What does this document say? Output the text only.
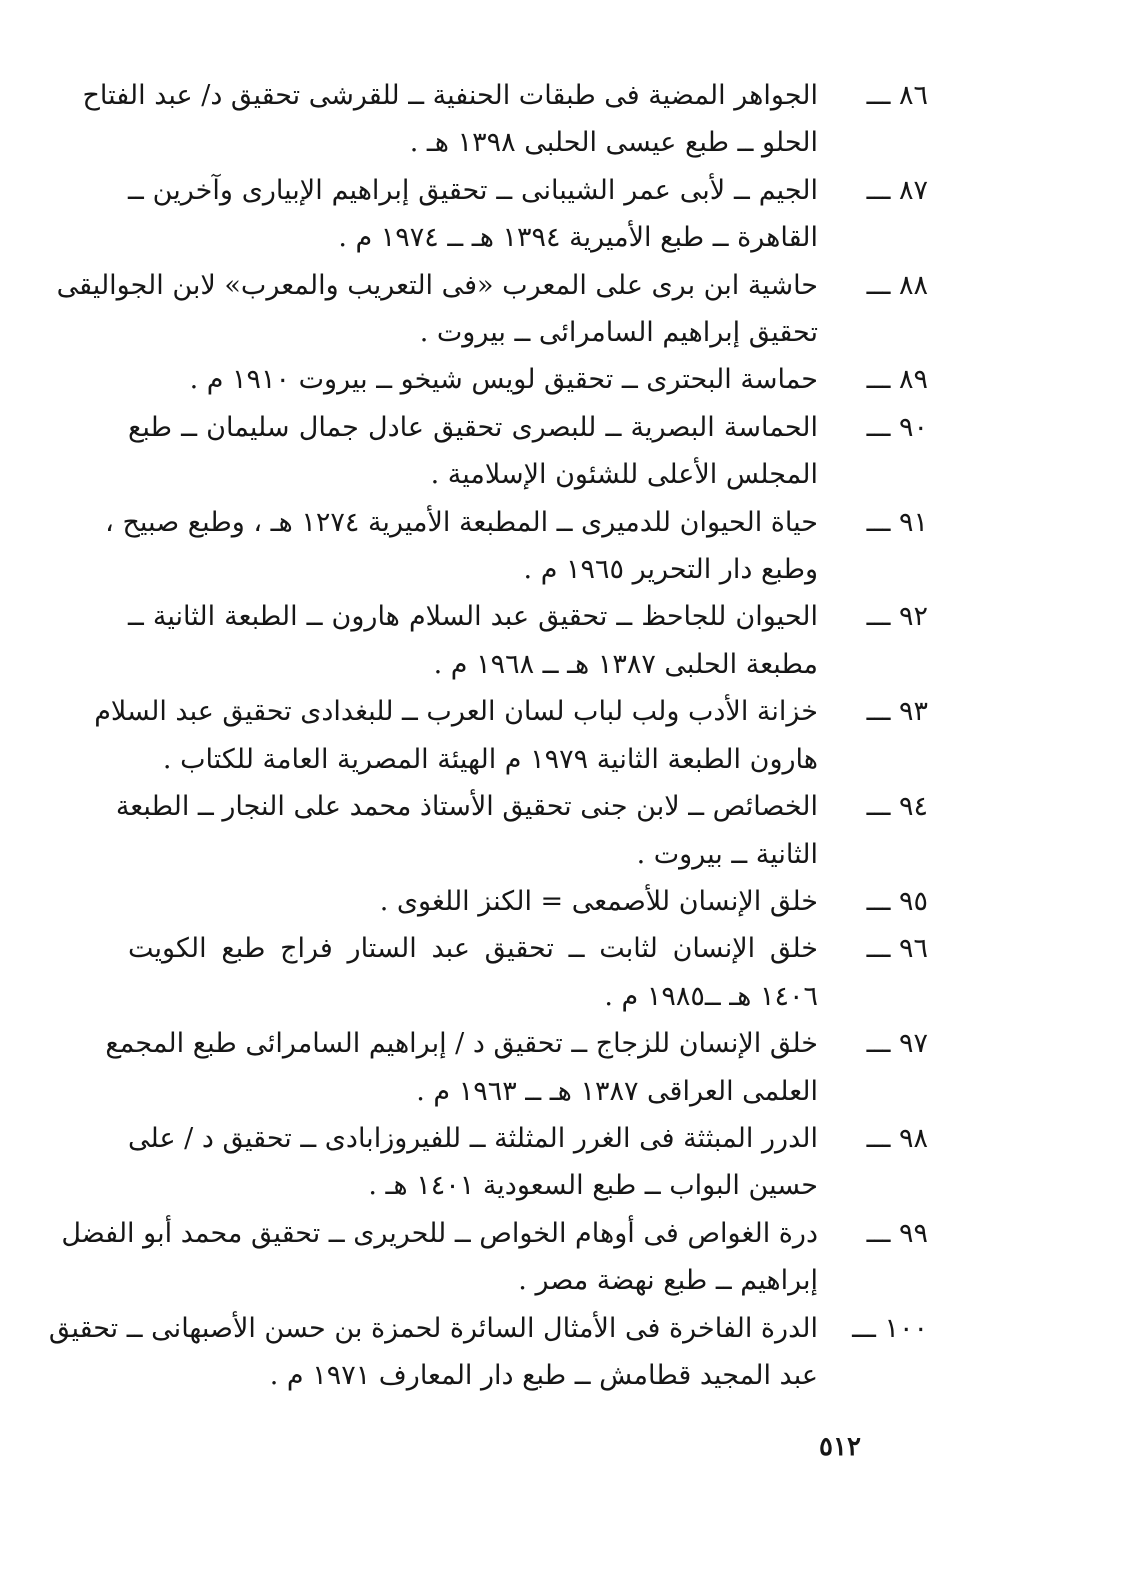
٨٦ ـــ
الجواهر المضية فى طبقات الحنفية ــ للقرشى تحقيق د/ عبد الفتاح
الحلو ــ طبع عيسى الحلبى ١٣٩٨ هـ .
٨٧ ـــ
الجيم ــ لأبى عمر الشيبانى ــ تحقيق إبراهيم الإبيارى وآخرين ــ
القاهرة ــ طبع الأميرية ١٣٩٤ هـ ــ ١٩٧٤ م .
٨٨ ـــ
حاشية ابن برى على المعرب «فى التعريب والمعرب» لابن الجواليقى
تحقيق إبراهيم السامرائى ــ بيروت .
٨٩ ـــ
حماسة البحترى ــ تحقيق لويس شيخو ــ بيروت ١٩١٠ م .
٩٠ ـــ
الحماسة البصرية ــ للبصرى تحقيق عادل جمال سليمان ــ طبع
المجلس الأعلى للشئون الإسلامية .
٩١ ـــ
حياة الحيوان للدميرى ــ المطبعة الأميرية ١٢٧٤ هـ ، وطبع صبيح ،
وطبع دار التحرير ١٩٦٥ م .
٩٢ ـــ
الحيوان للجاحظ ــ تحقيق عبد السلام هارون ــ الطبعة الثانية ــ
مطبعة الحلبى ١٣٨٧ هـ ــ ١٩٦٨ م .
٩٣ ـــ
خزانة الأدب ولب لباب لسان العرب ــ للبغدادى تحقيق عبد السلام
هارون الطبعة الثانية ١٩٧٩ م الهيئة المصرية العامة للكتاب .
٩٤ ـــ
الخصائص ــ لابن جنى تحقيق الأستاذ محمد على النجار ــ الطبعة
الثانية ــ بيروت .
٩٥ ـــ
خلق الإنسان للأصمعى = الكنز اللغوى .
٩٦ ـــ
خلق الإنسان لثابت ــ تحقيق عبد الستار فراج طبع الكويت
١٤٠٦ هـ ــ١٩٨٥ م .
٩٧ ـــ
خلق الإنسان للزجاج ــ تحقيق د / إبراهيم السامرائى طبع المجمع
العلمى العراقى ١٣٨٧ هـ ــ ١٩٦٣ م .
٩٨ ـــ
الدرر المبثثة فى الغرر المثلثة ــ للفيروزابادى ــ تحقيق د / على
حسين البواب ــ طبع السعودية ١٤٠١ هـ .
٩٩ ـــ
درة الغواص فى أوهام الخواص ــ للحريرى ــ تحقيق محمد أبو الفضل
إبراهيم ــ طبع نهضة مصر .
١٠٠ ـــ
الدرة الفاخرة فى الأمثال السائرة لحمزة بن حسن الأصبهانى ــ تحقيق
عبد المجيد قطامش ــ طبع دار المعارف ١٩٧١ م .
٥١٢
